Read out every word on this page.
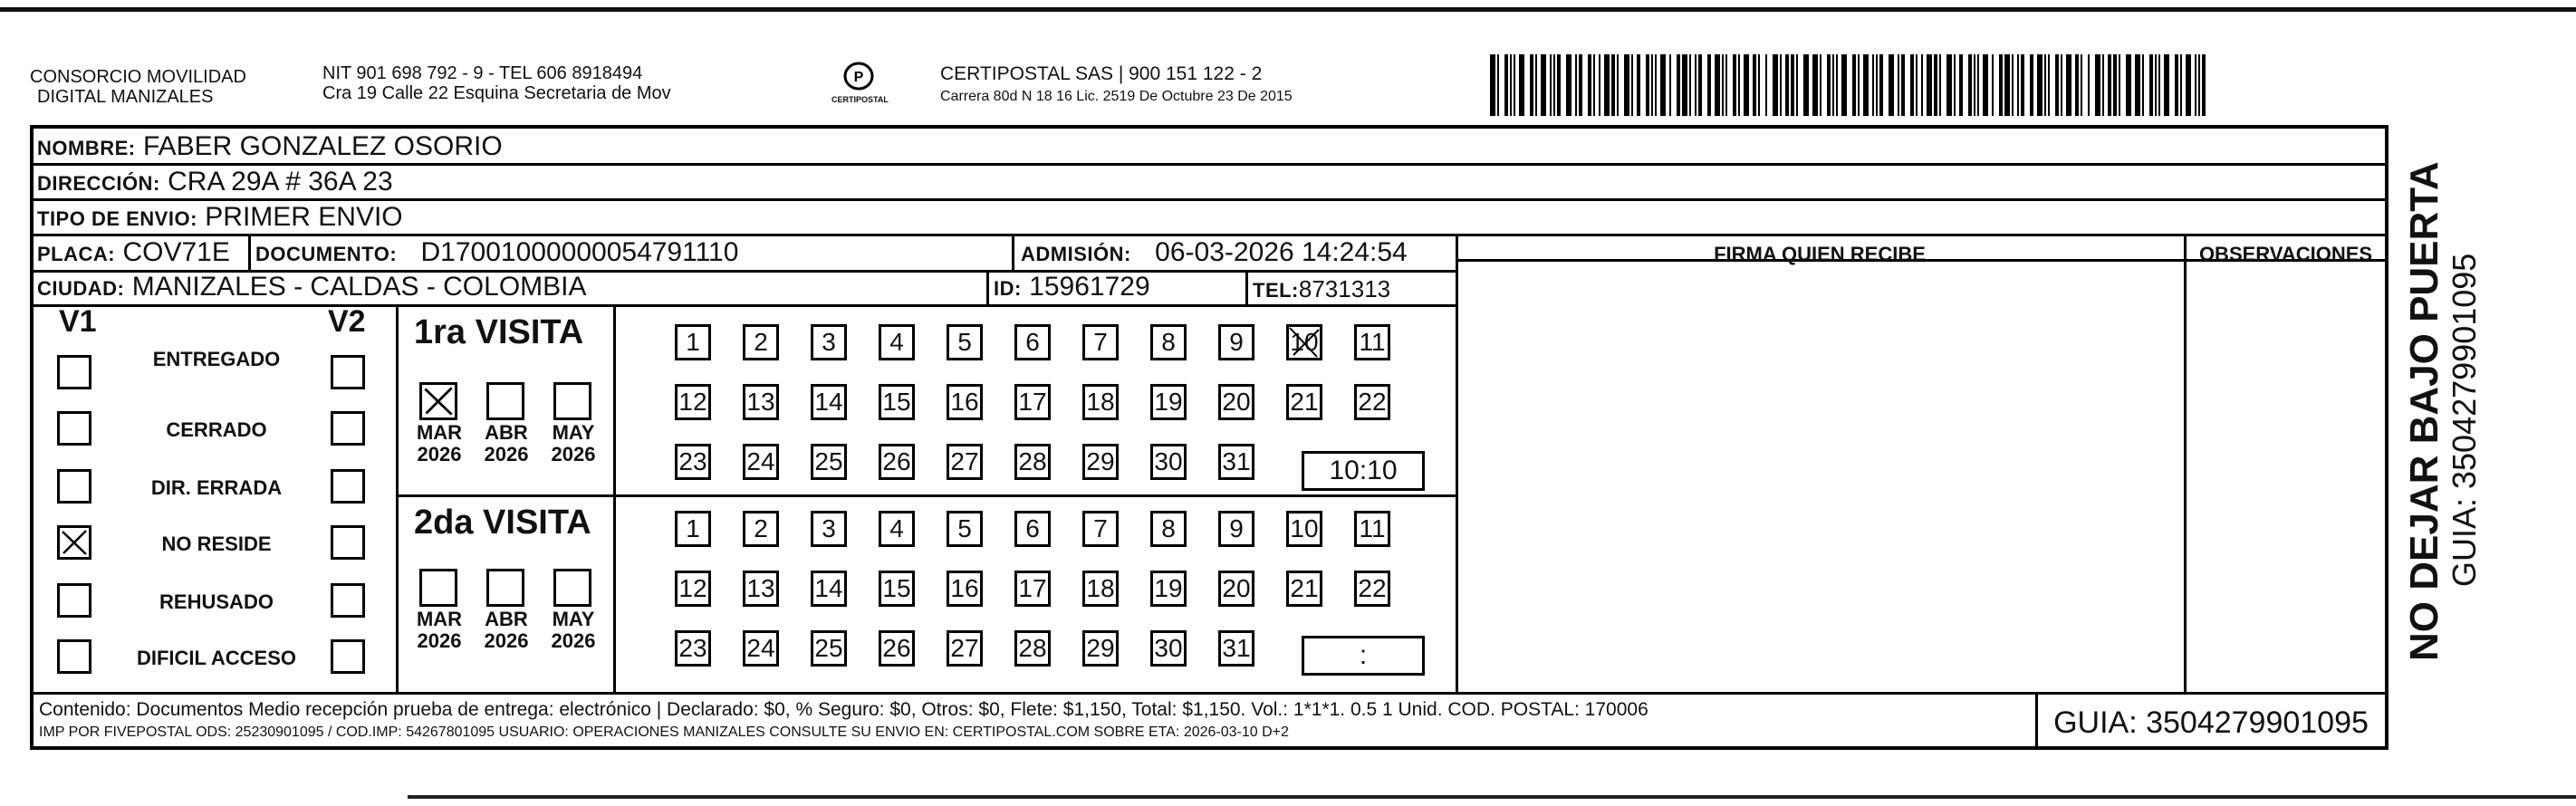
CONSORCIO MOVILIDAD
DIGITAL MANIZALES
NIT 901 698 792 - 9 - TEL 606 8918494
Cra 19 Calle 22 Esquina Secretaria de Mov
P
CERTIPOSTAL
CERTIPOSTAL SAS | 900 151 122 - 2
Carrera 80d N 18 16 Lic. 2519 De Octubre 23 De 2015
NOMBRE: FABER GONZALEZ OSORIO
DIRECCIÓN: CRA 29A # 36A 23
TIPO DE ENVIO: PRIMER ENVIO
PLACA: COV71E DOCUMENTO: D17001000000054791110	ADMISIÓN: 06-03-2026 14:24:54
CIUDAD: MANIZALES - CALDAS - COLOMBIA	ID: 15961729	TEL:8731313
V1	V2
ENTREGADO
CERRADO
DIR. ERRADA
NO RESIDE
REHUSADO
DIFICIL ACCESO
1ra VISITA
2da VISITA
MAR
2026
ABR
2026
MAY
2026
MAR
2026
ABR
2026
MAY
2026
1	2	3	4	5	6	7	8	9	10 11
12 13 14 15 16 17 18 19 20 21 22
23 24 25 26 27 28 29 30 31
1	2	3	4	5	6	7	8	9	10 11
12 13 14 15 16 17 18 19 20 21 22
23 24 25 26 27 28 29 30 31
10:10
:
FIRMA QUIEN RECIBE	OBSERVACIONES
Contenido: Documentos Medio recepción prueba de entrega: electrónico | Declarado: $0, % Seguro: $0, Otros: $0, Flete: $1,150, Total: $1,150. Vol.: 1*1*1. 0.5 1 Unid. COD. POSTAL: 170006
IMP POR FIVEPOSTAL ODS: 25230901095 / COD.IMP: 54267801095 USUARIO: OPERACIONES MANIZALES CONSULTE SU ENVIO EN: CERTIPOSTAL.COM SOBRE ETA: 2026-03-10 D+2	GUIA: 3504279901095
NO DEJAR BAJO PUERTA GUIA: 3504279901095
